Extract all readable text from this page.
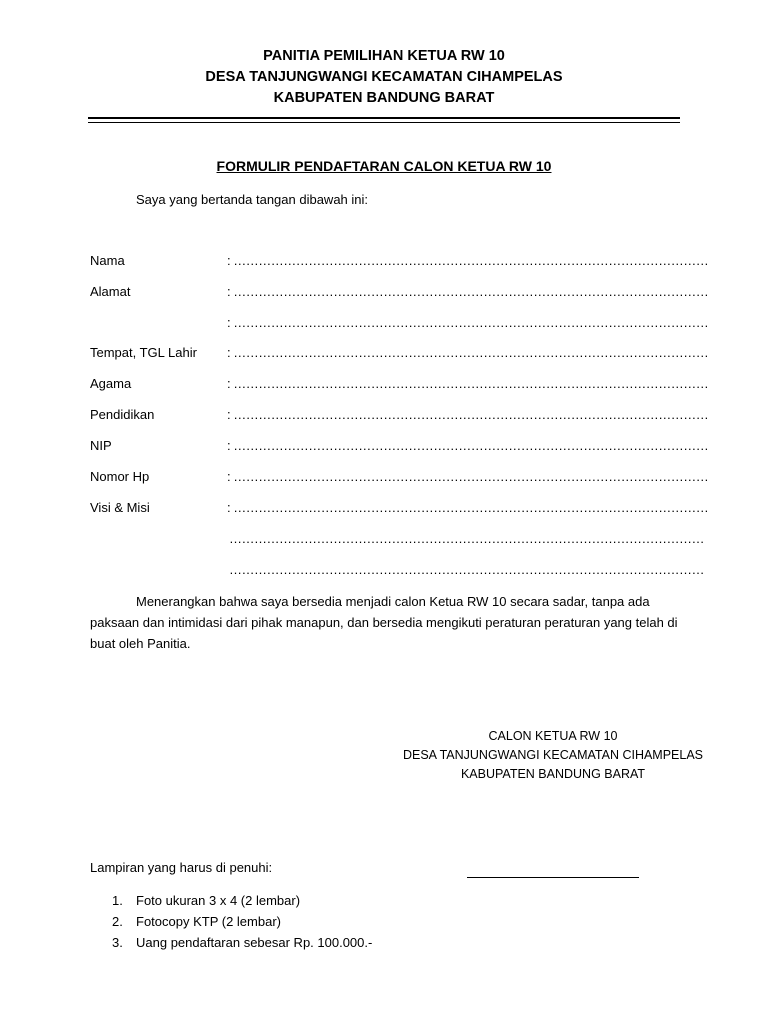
PANITIA PEMILIHAN KETUA RW 10
DESA TANJUNGWANGI KECAMATAN CIHAMPELAS
KABUPATEN BANDUNG BARAT
FORMULIR PENDAFTARAN CALON KETUA RW 10
Saya yang bertanda tangan dibawah ini:
Nama	: ……………………………………………………………………………………………………
Alamat	: ……………………………………………………………………………………………………
: ……………………………………………………………………………………………………
Tempat, TGL Lahir : ……………………………………………………………………………………………………
Agama	: ……………………………………………………………………………………………………
Pendidikan	: ……………………………………………………………………………………………………
NIP	: ……………………………………………………………………………………………………
Nomor Hp	: ……………………………………………………………………………………………………
Visi & Misi	: ……………………………………………………………………………………………………
……………………………………………………………………………………………………
……………………………………………………………………………………………………
Menerangkan bahwa saya bersedia menjadi calon Ketua RW 10 secara sadar, tanpa ada paksaan dan intimidasi dari pihak manapun, dan bersedia mengikuti peraturan peraturan yang telah di buat oleh Panitia.
CALON KETUA RW 10
DESA TANJUNGWANGI KECAMATAN CIHAMPELAS
KABUPATEN BANDUNG BARAT
Lampiran yang harus di penuhi:
1. Foto ukuran 3 x 4 (2 lembar)
2. Fotocopy KTP (2 lembar)
3. Uang pendaftaran sebesar Rp. 100.000.-
